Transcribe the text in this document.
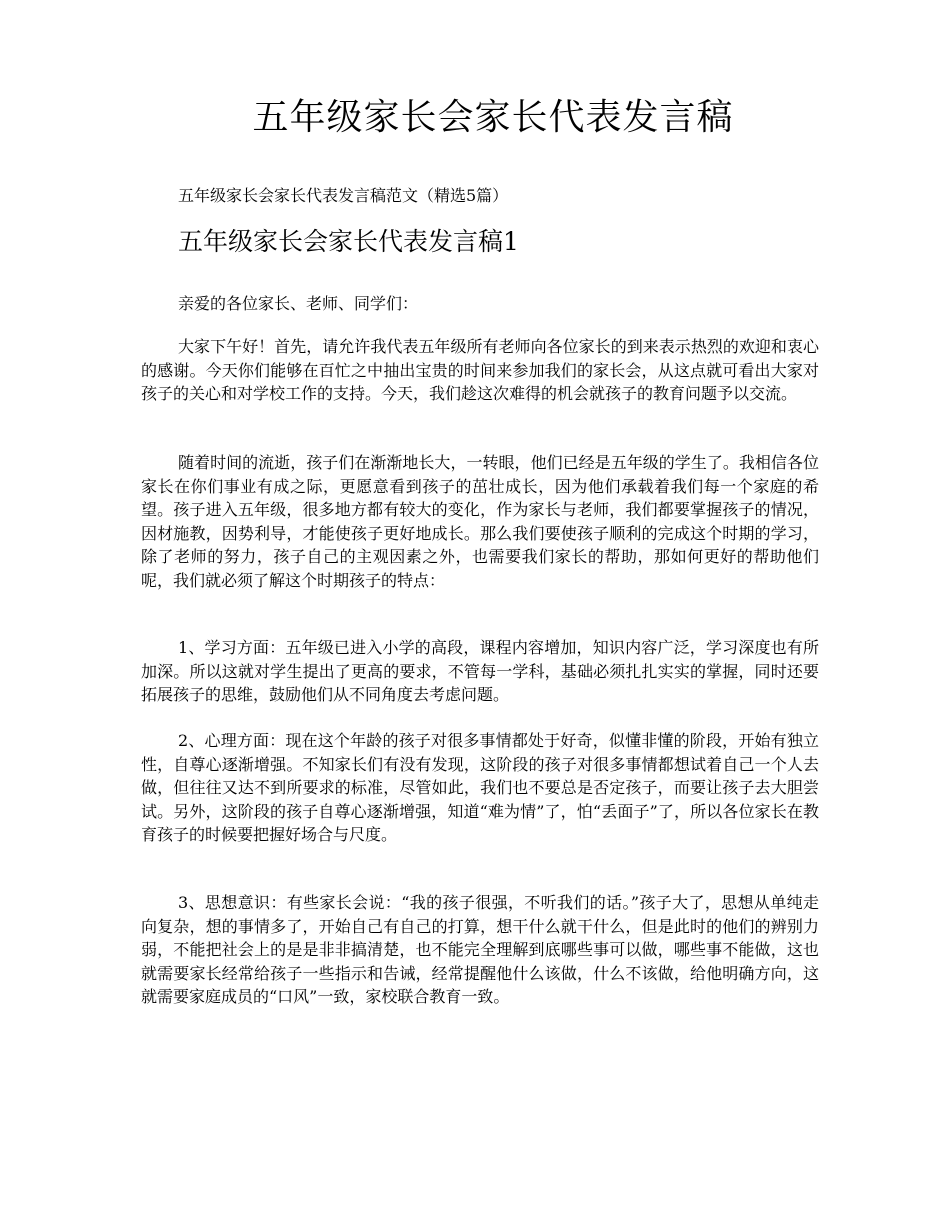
五年级家长会家长代表发言稿

五年级家长会家长代表发言稿范文（精选5篇）

五年级家长会家长代表发言稿1

亲爱的各位家长、老师、同学们：

大家下午好！首先，请允许我代表五年级所有老师向各位家长的到来表示热烈的欢迎和衷心的感谢。今天你们能够在百忙之中抽出宝贵的时间来参加我们的家长会，从这点就可看出大家对孩子的关心和对学校工作的支持。今天，我们趁这次难得的机会就孩子的教育问题予以交流。

随着时间的流逝，孩子们在渐渐地长大，一转眼，他们已经是五年级的学生了。我相信各位家长在你们事业有成之际，更愿意看到孩子的茁壮成长，因为他们承载着我们每一个家庭的希望。孩子进入五年级，很多地方都有较大的变化，作为家长与老师，我们都要掌握孩子的情况，因材施教，因势利导，才能使孩子更好地成长。那么我们要使孩子顺利的完成这个时期的学习，除了老师的努力，孩子自己的主观因素之外，也需要我们家长的帮助，那如何更好的帮助他们呢，我们就必须了解这个时期孩子的特点：

1、学习方面：五年级已进入小学的高段，课程内容增加，知识内容广泛，学习深度也有所加深。所以这就对学生提出了更高的要求，不管每一学科，基础必须扎扎实实的掌握，同时还要拓展孩子的思维，鼓励他们从不同角度去考虑问题。

2、心理方面：现在这个年龄的孩子对很多事情都处于好奇，似懂非懂的阶段，开始有独立性，自尊心逐渐增强。不知家长们有没有发现，这阶段的孩子对很多事情都想试着自己一个人去做，但往往又达不到所要求的标准，尽管如此，我们也不要总是否定孩子，而要让孩子去大胆尝试。另外，这阶段的孩子自尊心逐渐增强，知道“难为情”了，怕“丢面子”了，所以各位家长在教育孩子的时候要把握好场合与尺度。

3、思想意识：有些家长会说：“我的孩子很强，不听我们的话。”孩子大了，思想从单纯走向复杂，想的事情多了，开始自己有自己的打算，想干什么就干什么，但是此时的他们的辨别力弱，不能把社会上的是是非非搞清楚，也不能完全理解到底哪些事可以做，哪些事不能做，这也就需要家长经常给孩子一些指示和告诫，经常提醒他什么该做，什么不该做，给他明确方向，这就需要家庭成员的“口风”一致，家校联合教育一致。
